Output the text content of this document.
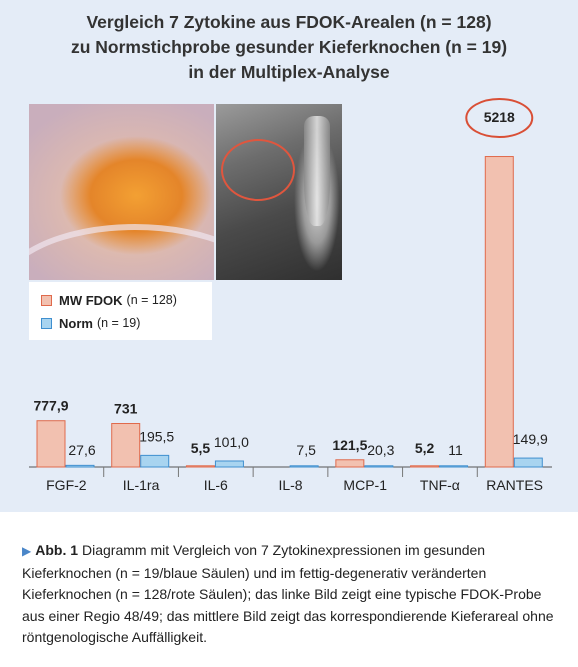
Vergleich 7 Zytokine aus FDOK-Arealen (n = 128)
zu Normstichprobe gesunder Kieferknochen (n = 19)
in der Multiplex-Analyse
MW FDOK (n = 128)
Norm (n = 19)
777,9
27,6
FGF-2
731
195,5
IL-1ra
5,5 101,0
IL-6
7,5
IL-8
121,5 20,3
MCP-1
5,2 11
TNF-α
5218
149,9
RANTES
▶ Abb. 1 Diagramm mit Vergleich von 7 Zytokinexpressionen im gesunden Kieferknochen (n = 19/blaue Säulen) und im fettig-degenerativ veränderten Kieferknochen (n = 128/rote Säulen); das linke Bild zeigt eine typische FDOK-Probe aus einer Regio 48/49; das mittlere Bild zeigt das korrespondierende Kieferareal ohne röntgenologische Auffälligkeit.
